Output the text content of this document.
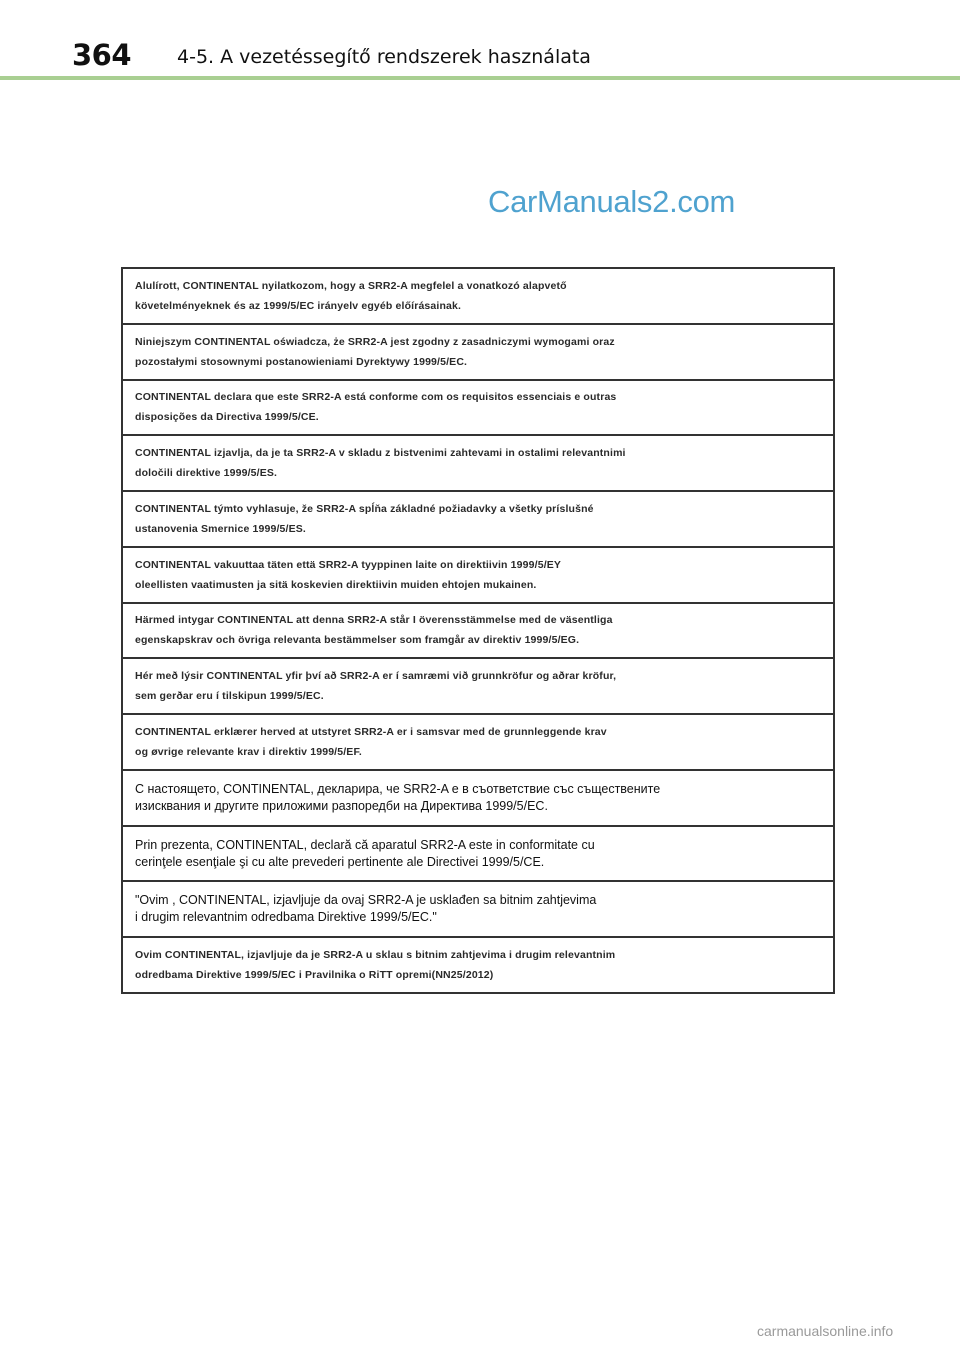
364 4-5. A vezetéssegítő rendszerek használata
CarManuals2.com
Alulírott, CONTINENTAL nyilatkozom, hogy a SRR2-A megfelel a vonatkozó alapvető
követelményeknek és az 1999/5/EC irányelv egyéb előírásainak.
Niniejszym CONTINENTAL oświadcza, że SRR2-A jest zgodny z zasadniczymi wymogami oraz
pozostałymi stosownymi postanowieniami Dyrektywy 1999/5/EC.
CONTINENTAL declara que este SRR2-A está conforme com os requisitos essenciais e outras
disposições da Directiva 1999/5/CE.
CONTINENTAL izjavlja, da je ta SRR2-A v skladu z bistvenimi zahtevami in ostalimi relevantnimi
določili direktive 1999/5/ES.
CONTINENTAL týmto vyhlasuje, že SRR2-A spĺňa základné požiadavky a všetky príslušné
ustanovenia Smernice 1999/5/ES.
CONTINENTAL vakuuttaa täten että SRR2-A tyyppinen laite on direktiivin 1999/5/EY
oleellisten vaatimusten ja sitä koskevien direktiivin muiden ehtojen mukainen.
Härmed intygar CONTINENTAL att denna SRR2-A står I överensstämmelse med de väsentliga
egenskapskrav och övriga relevanta bestämmelser som framgår av direktiv 1999/5/EG.
Hér með lýsir CONTINENTAL yfir því að SRR2-A er í samræmi við grunnkröfur og aðrar kröfur,
sem gerðar eru í tilskipun 1999/5/EC.
CONTINENTAL erklærer herved at utstyret SRR2-A er i samsvar med de grunnleggende krav
og øvrige relevante krav i direktiv 1999/5/EF.
С настоящето, CONTINENTAL, декларира, че SRR2-A е в съответствие със съществените
изисквания и другите приложими разпоредби на Директива 1999/5/EC.
Prin prezenta, CONTINENTAL, declară că aparatul SRR2-A este in conformitate cu
cerinţele esenţiale şi cu alte prevederi pertinente ale Directivei 1999/5/CE.
"Ovim , CONTINENTAL, izjavljuje da ovaj SRR2-A je usklađen sa bitnim zahtjevima
i drugim relevantnim odredbama Direktive 1999/5/EC."
Ovim CONTINENTAL, izjavljuje da je SRR2-A u sklau s bitnim zahtjevima i drugim relevantnim
odredbama Direktive 1999/5/EC i Pravilnika o RiTT opremi(NN25/2012)
carmanualsonline.info
